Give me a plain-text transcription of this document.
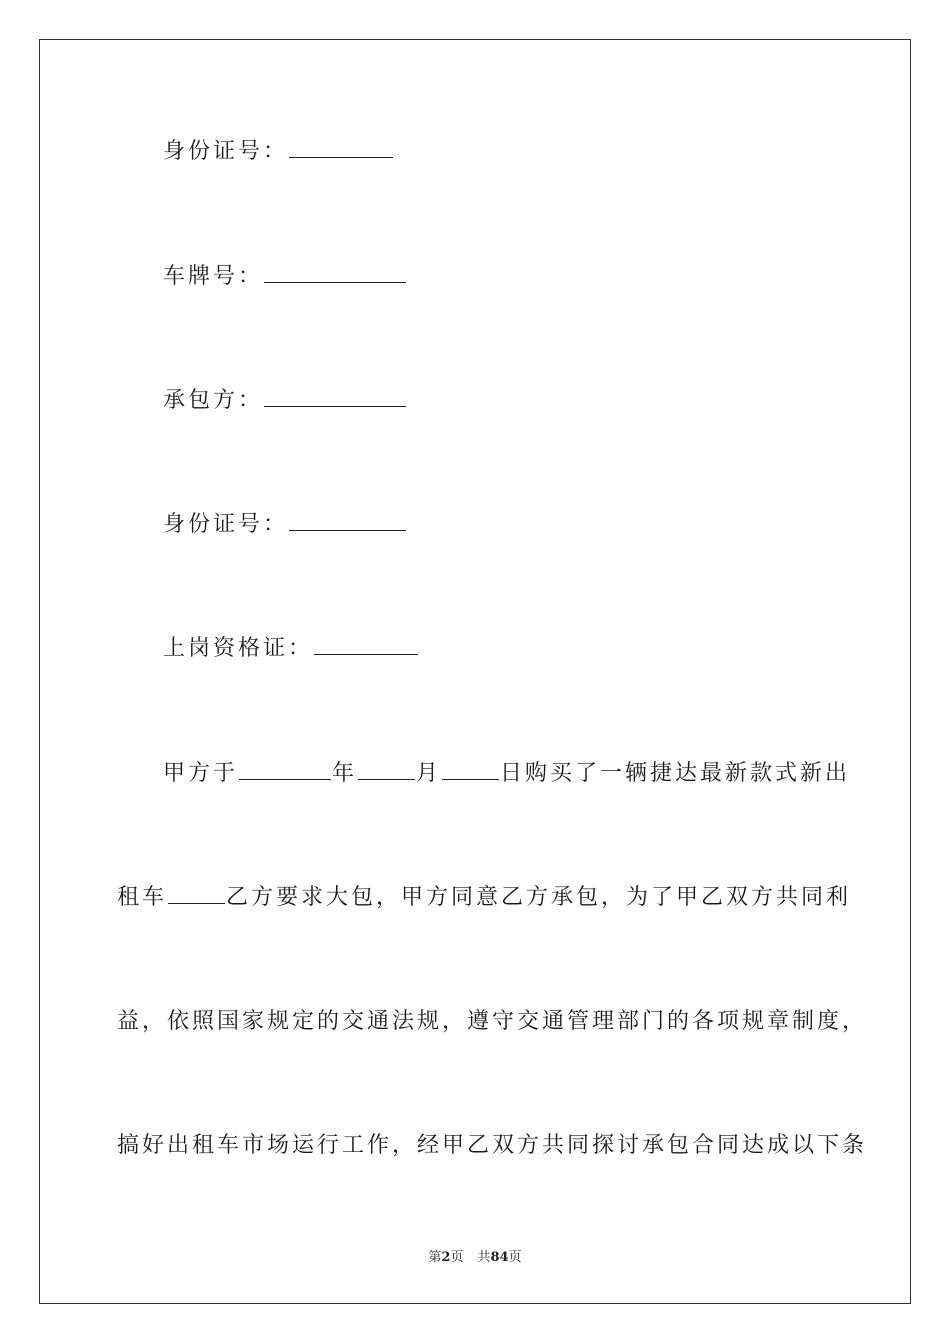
身份证号：
车牌号：
承包方：
身份证号：
上岗资格证：
甲方于	年	月	日购买了一辆捷达最新款式新出
租车	乙方要求大包，甲方同意乙方承包，为了甲乙双方共同利
益，依照国家规定的交通法规，遵守交通管理部门的各项规章制度，
搞好出租车市场运行工作，经甲乙双方共同探讨承包合同达成以下条
第2页 共84页
